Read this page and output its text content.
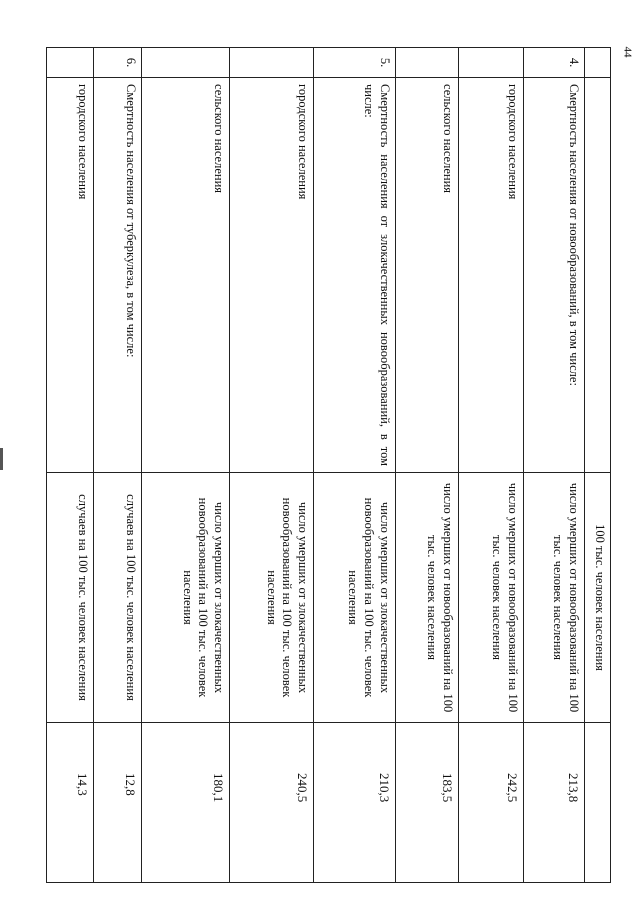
44
		100 тыс. человек населения	
4.	Смертность населения от новообразований, в том числе:	число умерших от новообразований на 100 тыс. человек населения	213,8
	городского населения	число умерших от новообразований на 100 тыс. человек населения	242,5
	сельского населения	число умерших от новообразований на 100 тыс. человек населения	183,5
5.	Смертность населения от злокачественных новообразований, в том числе:	число умерших от злокачественных новообразований на 100 тыс. человек населения	210,3
	городского населения	число умерших от злокачественных новообразований на 100 тыс. человек населения	240,5
	сельского населения	число умерших от злокачественных новообразований на 100 тыс. человек населения	180,1
6.	Смертность населения от туберкулеза, в том числе:	случаев на 100 тыс. человек населения	12,8
	городского населения	случаев на 100 тыс. человек населения	14,3
